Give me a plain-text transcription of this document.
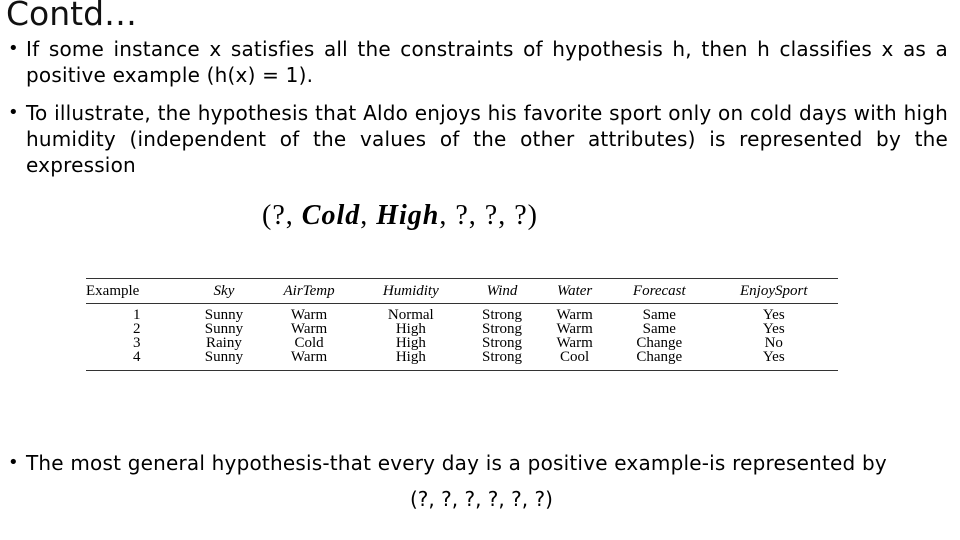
Contd…
• If some instance x satisfies all the constraints of hypothesis h, then h classifies x as a positive example (h(x) = 1).
• To illustrate, the hypothesis that Aldo enjoys his favorite sport only on cold days with high humidity (independent of the values of the other attributes) is represented by the expression
(?, Cold, High, ?, ?, ?)
Example	Sky	AirTemp	Humidity	Wind	Water	Forecast	EnjoySport
1	Sunny	Warm	Normal	Strong	Warm	Same	Yes
2	Sunny	Warm	High	Strong	Warm	Same	Yes
3	Rainy	Cold	High	Strong	Warm	Change	No
4	Sunny	Warm	High	Strong	Cool	Change	Yes

• The most general hypothesis-that every day is a positive example-is represented by
(?, ?, ?, ?, ?, ?)
